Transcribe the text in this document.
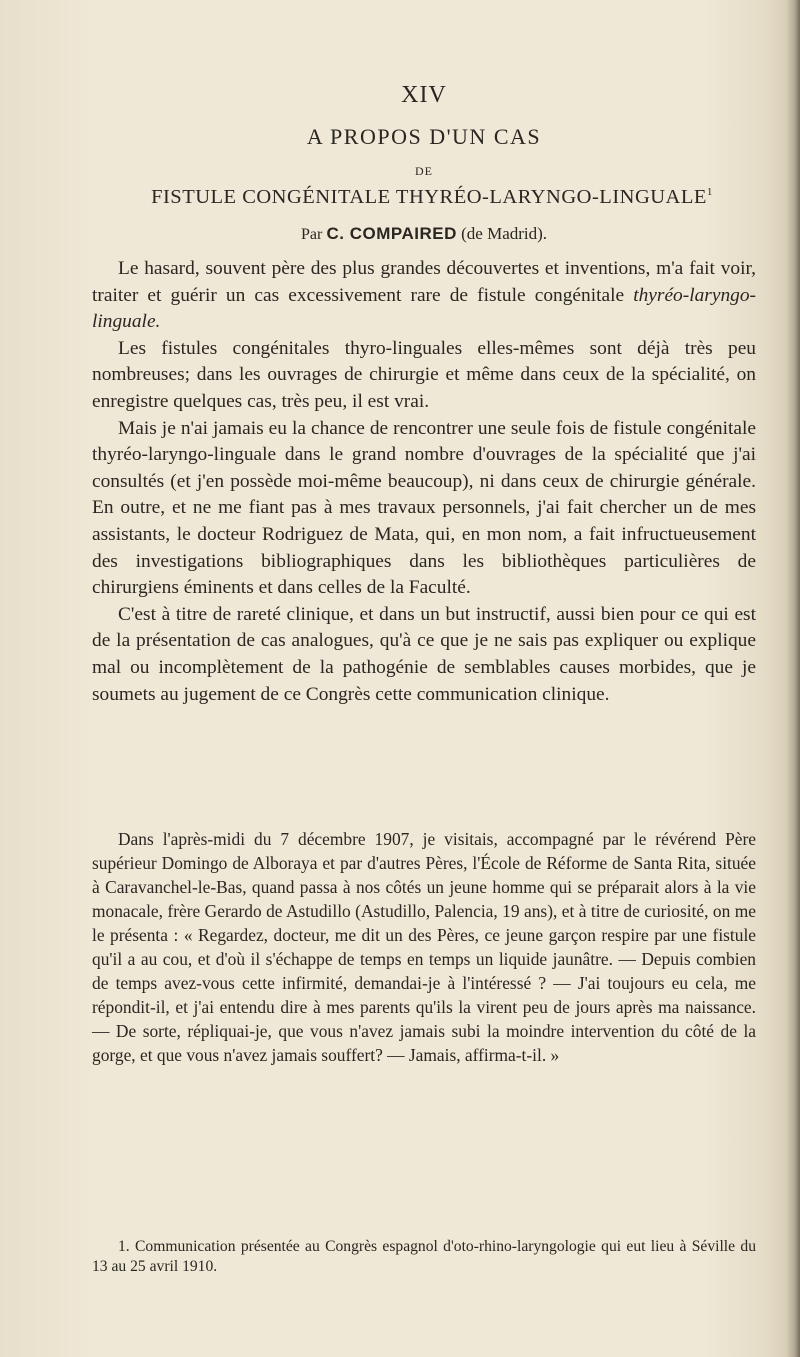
XIV
A PROPOS D'UN CAS
DE
FISTULE CONGÉNITALE THYRÉO-LARYNGO-LINGUALE$^1$
Par C. COMPAIRED (de Madrid).

Le hasard, souvent père des plus grandes découvertes et inventions, m'a fait voir, traiter et guérir un cas excessivement rare de fistule congénitale thyréo-laryngo-linguale.

Les fistules congénitales thyro-linguales elles-mêmes sont déjà très peu nombreuses; dans les ouvrages de chirurgie et même dans ceux de la spécialité, on enregistre quelques cas, très peu, il est vrai.

Mais je n'ai jamais eu la chance de rencontrer une seule fois de fistule congénitale thyréo-laryngo-linguale dans le grand nombre d'ouvrages de la spécialité que j'ai consultés (et j'en possède moi-même beaucoup), ni dans ceux de chirurgie générale. En outre, et ne me fiant pas à mes travaux personnels, j'ai fait chercher un de mes assistants, le docteur Rodriguez de Mata, qui, en mon nom, a fait infructueusement des investigations bibliographiques dans les bibliothèques particulières de chirurgiens éminents et dans celles de la Faculté.

C'est à titre de rareté clinique, et dans un but instructif, aussi bien pour ce qui est de la présentation de cas analogues, qu'à ce que je ne sais pas expliquer ou explique mal ou incomplètement de la pathogénie de semblables causes morbides, que je soumets au jugement de ce Congrès cette communication clinique.

Dans l'après-midi du 7 décembre 1907, je visitais, accompagné par le révérend Père supérieur Domingo de Alboraya et par d'autres Pères, l'École de Réforme de Santa Rita, située à Caravanchel-le-Bas, quand passa à nos côtés un jeune homme qui se préparait alors à la vie monacale, frère Gerardo de Astudillo (Astudillo, Palencia, 19 ans), et à titre de curiosité, on me le présenta : « Regardez, docteur, me dit un des Pères, ce jeune garçon respire par une fistule qu'il a au cou, et d'où il s'échappe de temps en temps un liquide jaunâtre. — Depuis combien de temps avez-vous cette infirmité, demandai-je à l'intéressé ? — J'ai toujours eu cela, me répondit-il, et j'ai entendu dire à mes parents qu'ils la virent peu de jours après ma naissance. — De sorte, répliquai-je, que vous n'avez jamais subi la moindre intervention du côté de la gorge, et que vous n'avez jamais souffert? — Jamais, affirma-t-il. »

1. Communication présentée au Congrès espagnol d'oto-rhino-laryngologie qui eut lieu à Séville du 13 au 25 avril 1910.
